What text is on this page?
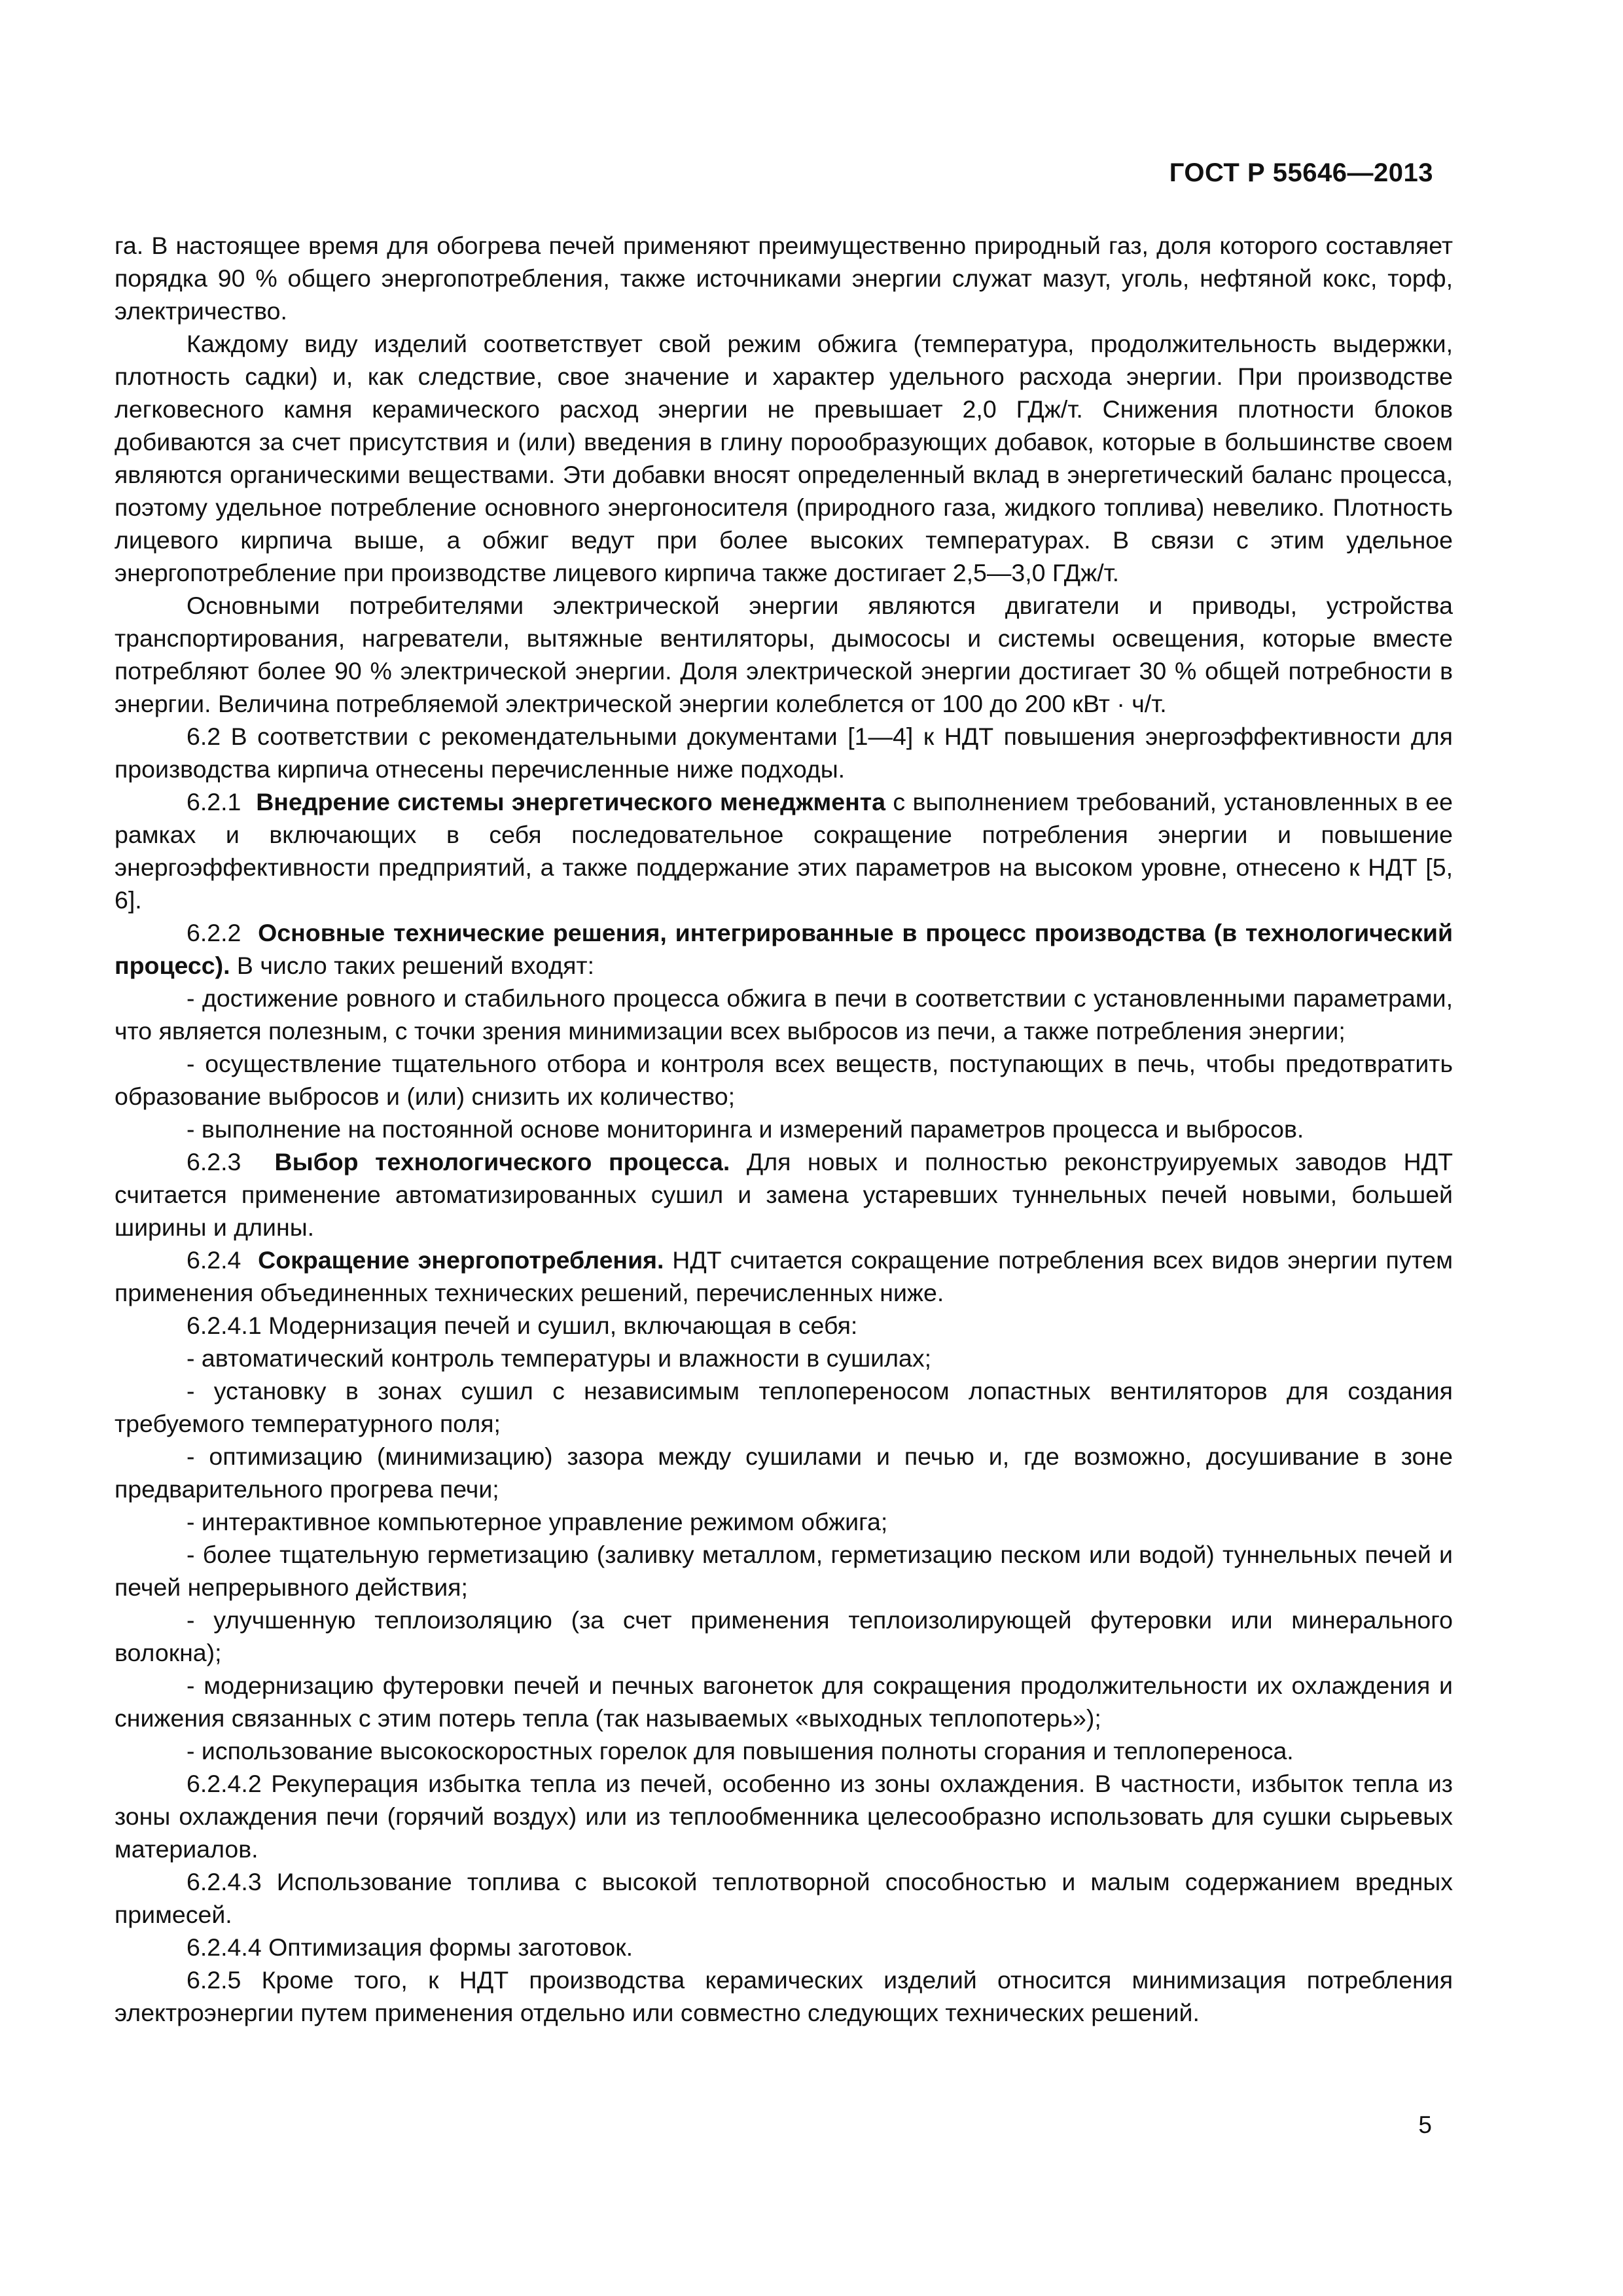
ГОСТ Р 55646—2013

га. В настоящее время для обогрева печей применяют преимущественно природный газ, доля которого составляет порядка 90 % общего энергопотребления, также источниками энергии служат мазут, уголь, нефтяной кокс, торф, электричество.

Каждому виду изделий соответствует свой режим обжига (температура, продолжительность выдержки, плотность садки) и, как следствие, свое значение и характер удельного расхода энергии. При производстве легковесного камня керамического расход энергии не превышает 2,0 ГДж/т. Снижения плотности блоков добиваются за счет присутствия и (или) введения в глину порообразующих добавок, которые в большинстве своем являются органическими веществами. Эти добавки вносят определенный вклад в энергетический баланс процесса, поэтому удельное потребление основного энергоносителя (природного газа, жидкого топлива) невелико. Плотность лицевого кирпича выше, а обжиг ведут при более высоких температурах. В связи с этим удельное энергопотребление при производстве лицевого кирпича также достигает 2,5—3,0 ГДж/т.

Основными потребителями электрической энергии являются двигатели и приводы, устройства транспортирования, нагреватели, вытяжные вентиляторы, дымососы и системы освещения, которые вместе потребляют более 90 % электрической энергии. Доля электрической энергии достигает 30 % общей потребности в энергии. Величина потребляемой электрической энергии колеблется от 100 до 200 кВт · ч/т.

6.2 В соответствии с рекомендательными документами [1—4] к НДТ повышения энергоэффективности для производства кирпича отнесены перечисленные ниже подходы.

6.2.1  Внедрение системы энергетического менеджмента с выполнением требований, установленных в ее рамках и включающих в себя последовательное сокращение потребления энергии и повышение энергоэффективности предприятий, а также поддержание этих параметров на высоком уровне, отнесено к НДТ [5, 6].

6.2.2  Основные технические решения, интегрированные в процесс производства (в технологический процесс). В число таких решений входят:

- достижение ровного и стабильного процесса обжига в печи в соответствии с установленными параметрами, что является полезным, с точки зрения минимизации всех выбросов из печи, а также потребления энергии;

- осуществление тщательного отбора и контроля всех веществ, поступающих в печь, чтобы предотвратить образование выбросов и (или) снизить их количество;

- выполнение на постоянной основе мониторинга и измерений параметров процесса и выбросов.

6.2.3  Выбор технологического процесса. Для новых и полностью реконструируемых заводов НДТ считается применение автоматизированных сушил и замена устаревших туннельных печей новыми, большей ширины и длины.

6.2.4  Сокращение энергопотребления. НДТ считается сокращение потребления всех видов энергии путем применения объединенных технических решений, перечисленных ниже.

6.2.4.1 Модернизация печей и сушил, включающая в себя:

- автоматический контроль температуры и влажности в сушилах;

- установку в зонах сушил с независимым теплопереносом лопастных вентиляторов для создания требуемого температурного поля;

- оптимизацию (минимизацию) зазора между сушилами и печью и, где возможно, досушивание в зоне предварительного прогрева печи;

- интерактивное компьютерное управление режимом обжига;

- более тщательную герметизацию (заливку металлом, герметизацию песком или водой) туннельных печей и печей непрерывного действия;

- улучшенную теплоизоляцию (за счет применения теплоизолирующей футеровки или минерального волокна);

- модернизацию футеровки печей и печных вагонеток для сокращения продолжительности их охлаждения и снижения связанных с этим потерь тепла (так называемых «выходных теплопотерь»);

- использование высокоскоростных горелок для повышения полноты сгорания и теплопереноса.

6.2.4.2 Рекуперация избытка тепла из печей, особенно из зоны охлаждения. В частности, избыток тепла из зоны охлаждения печи (горячий воздух) или из теплообменника целесообразно использовать для сушки сырьевых материалов.

6.2.4.3 Использование топлива с высокой теплотворной способностью и малым содержанием вредных примесей.

6.2.4.4 Оптимизация формы заготовок.

6.2.5 Кроме того, к НДТ производства керамических изделий относится минимизация потребления электроэнергии путем применения отдельно или совместно следующих технических решений.

5
